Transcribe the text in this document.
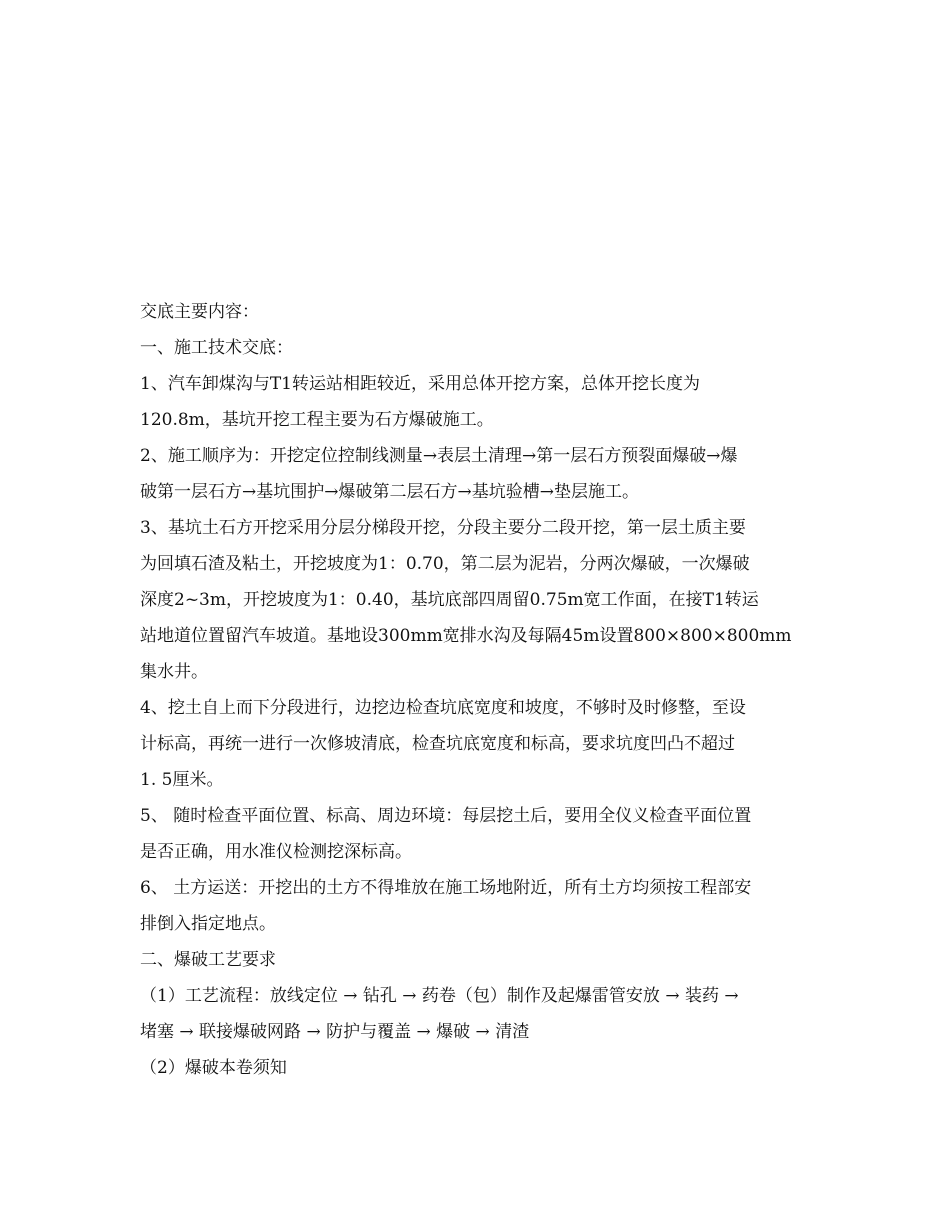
交底主要内容：
一、施工技术交底：
1、汽车卸煤沟与T1转运站相距较近，采用总体开挖方案，总体开挖长度为
120.8m，基坑开挖工程主要为石方爆破施工。
2、施工顺序为：开挖定位控制线测量→表层土清理→第一层石方预裂面爆破→爆
破第一层石方→基坑围护→爆破第二层石方→基坑验槽→垫层施工。
3、基坑土石方开挖采用分层分梯段开挖，分段主要分二段开挖，第一层土质主要
为回填石渣及粘土，开挖坡度为1：0.70，第二层为泥岩，分两次爆破，一次爆破
深度2~3m，开挖坡度为1：0.40，基坑底部四周留0.75m宽工作面，在接T1转运
站地道位置留汽车坡道。基地设300mm宽排水沟及每隔45m设置800×800×800mm
集水井。
4、挖土自上而下分段进行，边挖边检查坑底宽度和坡度，不够时及时修整，至设
计标高，再统一进行一次修坡清底，检查坑底宽度和标高，要求坑度凹凸不超过
1. 5厘米。
5、 随时检查平面位置、标高、周边环境：每层挖土后，要用全仪义检查平面位置
是否正确，用水准仪检测挖深标高。
6、 土方运送：开挖出的土方不得堆放在施工场地附近，所有土方均须按工程部安
排倒入指定地点。
二、爆破工艺要求
（1）工艺流程：放线定位 → 钻孔 → 药卷（包）制作及起爆雷管安放 → 装药 →
堵塞 → 联接爆破网路 → 防护与覆盖 → 爆破 → 清渣
（2）爆破本卷须知
